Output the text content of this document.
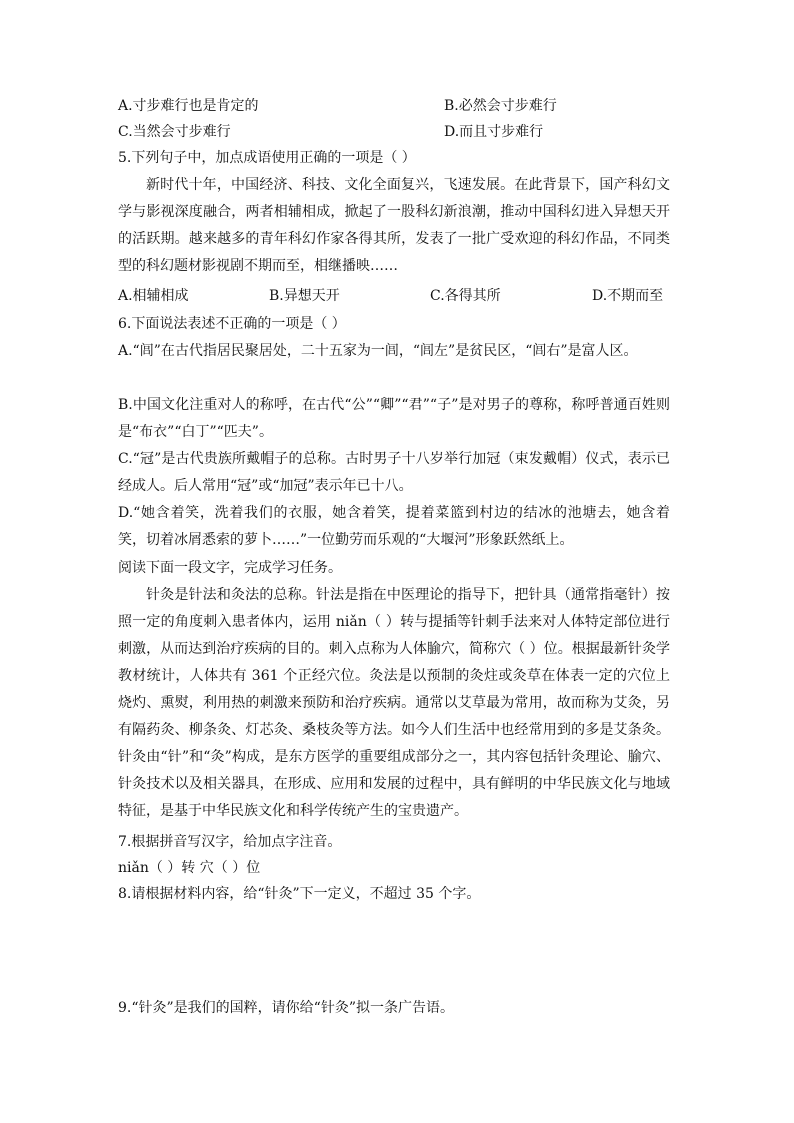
A.寸步难行也是肯定的	B.必然会寸步难行
C.当然会寸步难行	D.而且寸步难行
5.下列句子中，加点成语使用正确的一项是（ ）
新时代十年，中国经济、科技、文化全面复兴，飞速发展。在此背景下，国产科幻文学与影视深度融合，两者相辅相成，掀起了一股科幻新浪潮，推动中国科幻进入异想天开的活跃期。越来越多的青年科幻作家各得其所，发表了一批广受欢迎的科幻作品，不同类型的科幻题材影视剧不期而至，相继播映……
A.相辅相成	B.异想天开	C.各得其所	D.不期而至
6.下面说法表述不正确的一项是（ ）
A.“闾”在古代指居民聚居处，二十五家为一闾，“闾左”是贫民区，“闾右”是富人区。
B.中国文化注重对人的称呼，在古代“公”“卿”“君”“子”是对男子的尊称，称呼普通百姓则是“布衣”“白丁”“匹夫”。
C.“冠”是古代贵族所戴帽子的总称。古时男子十八岁举行加冠（束发戴帽）仪式，表示已经成人。后人常用“冠”或“加冠”表示年已十八。
D.“她含着笑，洗着我们的衣服，她含着笑，提着菜篮到村边的结冰的池塘去，她含着笑，切着冰屑悉索的萝卜……”一位勤劳而乐观的“大堰河”形象跃然纸上。
阅读下面一段文字，完成学习任务。
针灸是针法和灸法的总称。针法是指在中医理论的指导下，把针具（通常指毫针）按照一定的角度刺入患者体内，运用 niǎn（ ）转与提插等针刺手法来对人体特定部位进行刺激，从而达到治疗疾病的目的。刺入点称为人体腧穴，简称穴（ ）位。根据最新针灸学教材统计，人体共有 361 个正经穴位。灸法是以预制的灸炷或灸草在体表一定的穴位上烧灼、熏熨，利用热的刺激来预防和治疗疾病。通常以艾草最为常用，故而称为艾灸，另有隔药灸、柳条灸、灯芯灸、桑枝灸等方法。如今人们生活中也经常用到的多是艾条灸。针灸由“针”和“灸”构成，是东方医学的重要组成部分之一，其内容包括针灸理论、腧穴、针灸技术以及相关器具，在形成、应用和发展的过程中，具有鲜明的中华民族文化与地域特征，是基于中华民族文化和科学传统产生的宝贵遗产。
7.根据拼音写汉字，给加点字注音。
niǎn（ ）转 穴（ ）位
8.请根据材料内容，给“针灸”下一定义，不超过 35 个字。
9.“针灸”是我们的国粹，请你给“针灸”拟一条广告语。
